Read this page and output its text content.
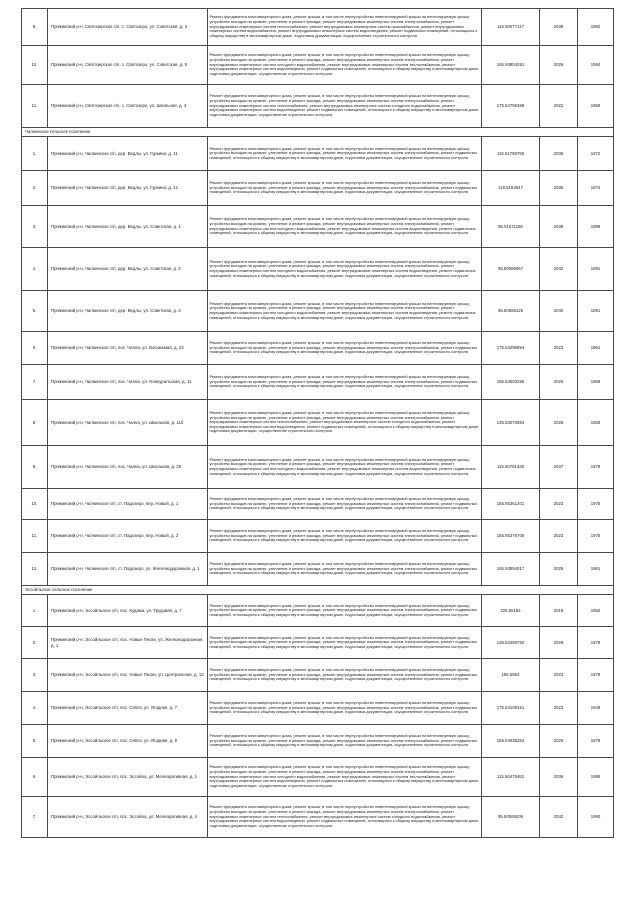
9.	Пряжинский р-н, Святозерское с/п, с. Святозеро, ул. Советская, д. 3	Ремонт фундамента многоквартирного дома, ремонт крыши, в том числе переустройство невентилируемой крыши на вентилируемую крышу, устройство выходов на кровлю, утепление и ремонт фасада, ремонт внутридомовых инженерных систем электроснабжения, ремонт внутридомовых инженерных систем теплоснабжения, ремонт внутридомовых инженерных систем газоснабжения, ремонт внутридомовых инженерных систем водоснабжения, ремонт внутридомовых инженерных систем водоотведения, ремонт подвальных помещений, относящихся к общему имуществу в многоквартирном доме, подготовка документации, осуществление строительного контроля	115.50077117	2039	1982
10.	Пряжинский р-н, Святозерское с/п, с. Святозеро, ул. Советская, д. 5	Ремонт фундамента многоквартирного дома, ремонт крыши, в том числе переустройство невентилируемой крыши на вентилируемую крышу, устройство выходов на кровлю, утепление и ремонт фасада, ремонт внутридомовых инженерных систем электроснабжения, ремонт внутридомовых инженерных систем холодного водоснабжения, ремонт внутридомовых инженерных систем теплоснабжения, ремонт внутридомовых инженерных систем водоотведения, ремонт подвальных помещений, относящихся к общему имуществу в многоквартирном доме, подготовка документации, осуществление строительного контроля	155.93804281	2026	1984
11.	Пряжинский р-н, Святозерское с/п, с. Святозеро, ул. Школьная, д. 4	Ремонт фундамента многоквартирного дома, ремонт крыши, в том числе переустройство невентилируемой крыши на вентилируемую крышу, устройство выходов на кровлю, утепление и ремонт фасада, ремонт внутридомовых инженерных систем электроснабжения, ремонт внутридомовых инженерных систем теплоснабжения, ремонт внутридомовых инженерных систем холодного водоснабжения, ремонт внутридомовых инженерных систем водоотведения, ремонт подвальных помещений, относящихся к общему имуществу в многоквартирном доме, подготовка документации, осуществление строительного контроля	175.54796369	2022	1959
Чалнинское сельское поселение					
1.	Пряжинский р-н, Чалнинское с/п, дер. Ведлы, ул. Гуркина, д. 11	Ремонт фундамента многоквартирного дома, ремонт крыши, в том числе переустройство невентилируемой крыши на вентилируемую крышу, устройство выходов на кровлю, утепление и ремонт фасада, ремонт внутридомовых инженерных систем электроснабжения, ремонт подвальных помещений, относящихся к общему имуществу в многоквартирном доме, подготовка документации, осуществление строительного контроля	115.51798768	2036	1972
2.	Пряжинский р-н, Чалнинское с/п, дер. Ведлы, ул. Гуркина, д. 12	Ремонт фундамента многоквартирного дома, ремонт крыши, в том числе переустройство невентилируемой крыши на вентилируемую крышу, устройство выходов на кровлю, утепление и ремонт фасада, ремонт внутридомовых инженерных систем электроснабжения, ремонт подвальных помещений, относящихся к общему имуществу в многоквартирном доме, подготовка документации, осуществление строительного контроля	118.6154647	2035	1974
3.	Пряжинский р-н, Чалнинское с/п, дер. Ведлы, ул. Советская, д. 1	Ремонт фундамента многоквартирного дома, ремонт крыши, в том числе переустройство невентилируемой крыши на вентилируемую крышу, устройство выходов на кровлю, утепление и ремонт фасада, ремонт внутридомовых инженерных систем электроснабжения, ремонт внутридомовых инженерных систем холодного водоснабжения, ремонт внутридомовых инженерных систем водоотведения, ремонт подвальных помещений, относящихся к общему имуществу в многоквартирном доме, подготовка документации, осуществление строительного контроля	95.51571186	2039	1989
4.	Пряжинский р-н, Чалнинское с/п, дер. Ведлы, ул. Советская, д. 2	Ремонт фундамента многоквартирного дома, ремонт крыши, в том числе переустройство невентилируемой крыши на вентилируемую крышу, устройство выходов на кровлю, утепление и ремонт фасада, ремонт внутридомовых инженерных систем электроснабжения, ремонт внутридомовых инженерных систем холодного водоснабжения, ремонт внутридомовых инженерных систем водоотведения, ремонт подвальных помещений, относящихся к общему имуществу в многоквартирном доме, подготовка документации, осуществление строительного контроля	95.50066067	2042	1991
5.	Пряжинский р-н, Чалнинское с/п, дер. Ведлы, ул. Советская, д. 3	Ремонт фундамента многоквартирного дома, ремонт крыши, в том числе переустройство невентилируемой крыши на вентилируемую крышу, устройство выходов на кровлю, утепление и ремонт фасада, ремонт внутридомовых инженерных систем электроснабжения, ремонт внутридомовых инженерных систем холодного водоснабжения, ремонт внутридомовых инженерных систем водоотведения, ремонт подвальных помещений, относящихся к общему имуществу в многоквартирном доме, подготовка документации, осуществление строительного контроля	95.50568125	2040	1991
6.	Пряжинский р-н, Чалнинское с/п, пос. Чална, ул. Восьмьмая, д. 23	Ремонт фундамента многоквартирного дома, ремонт крыши, в том числе переустройство невентилируемой крыши на вентилируемую крышу, устройство выходов на кровлю, утепление и ремонт фасада, ремонт внутридомовых инженерных систем электроснабжения, ремонт подвальных помещений, относящихся к общему имуществу в многоквартирном доме, подготовка документации, осуществление строительного контроля	175.54295894	2023	1961
7.	Пряжинский р-н, Чалнинское с/п, пос. Чална, ул. Новоуральская, д. 11	Ремонт фундамента многоквартирного дома, ремонт крыши, в том числе переустройство невентилируемой крыши на вентилируемую крышу, устройство выходов на кровлю, утепление и ремонт фасада, ремонт внутридомовых инженерных систем электроснабжения, ремонт подвальных помещений, относящихся к общему имуществу в многоквартирном доме, подготовка документации, осуществление строительного контроля	155.53503256	2026	1958
8.	Пряжинский р-н, Чалнинское с/п, пос. Чална, ул. Школьная, д. 11б	Ремонт фундамента многоквартирного дома, ремонт крыши, в том числе переустройство невентилируемой крыши на вентилируемую крышу, устройство выходов на кровлю, утепление и ремонт фасада, ремонт внутридомовых инженерных систем электроснабжения, ремонт внутридомовых инженерных систем теплоснабжения, ремонт внутридомовых инженерных систем холодного водоснабжения, ремонт внутридомовых инженерных систем водоотведения, ремонт подвальных помещений, относящихся к общему имуществу в многоквартирном доме, подготовка документации, осуществление строительного контроля	135.53070884	2028	1983
9.	Пряжинский р-н, Чалнинское с/п, пос. Чална, ул. Школьная, д. 25	Ремонт фундамента многоквартирного дома, ремонт крыши, в том числе переустройство невентилируемой крыши на вентилируемую крышу, устройство выходов на кровлю, утепление и ремонт фасада, ремонт внутридомовых инженерных систем электроснабжения, ремонт внутридомовых инженерных систем холодного водоснабжения, ремонт внутридомовых инженерных систем водоотведения, ремонт подвальных помещений, относящихся к общему имуществу в многоквартирном доме, подготовка документации, осуществление строительного контроля	115.50791335	2037	1978
10.	Пряжинский р-н, Чалнинское с/п, ст. Падозеро, пер. Новый, д. 1	Ремонт фундамента многоквартирного дома, ремонт крыши, в том числе переустройство невентилируемой крыши на вентилируемую крышу, устройство выходов на кровлю, утепление и ремонт фасада, ремонт внутридомовых инженерных систем электроснабжения, ремонт подвальных помещений, относящихся к общему имуществу в многоквартирном доме, подготовка документации, осуществление строительного контроля	155.55361201	2023	1975
11.	Пряжинский р-н, Чалнинское с/п, ст. Падозеро, пер. Новый, д. 2	Ремонт фундамента многоквартирного дома, ремонт крыши, в том числе переустройство невентилируемой крыши на вентилируемую крышу, устройство выходов на кровлю, утепление и ремонт фасада, ремонт внутридомовых инженерных систем электроснабжения, ремонт подвальных помещений, относящихся к общему имуществу в многоквартирном доме, подготовка документации, осуществление строительного контроля	155.55376706	2023	1975
12.	Пряжинский р-н, Чалнинское с/п, ст. Падозеро, ул. Железнодорожная, д. 1	Ремонт фундамента многоквартирного дома, ремонт крыши, в том числе переустройство невентилируемой крыши на вентилируемую крышу, устройство выходов на кровлю, утепление и ремонт фасада, ремонт внутридомовых инженерных систем электроснабжения, ремонт подвальных помещений, относящихся к общему имуществу в многоквартирном доме, подготовка документации, осуществление строительного контроля	155.53994017	2025	1961
Эссойльское сельское поселение					
1.	Пряжинский р-н, Эссойльское с/п, пос. Кудама, ул. Трудовая, д. 7	Ремонт фундамента многоквартирного дома, ремонт крыши, в том числе переустройство невентилируемой крыши на вентилируемую крышу, устройство выходов на кровлю, утепление и ремонт фасада, ремонт внутридомовых инженерных систем электроснабжения, ремонт подвальных помещений, относящихся к общему имуществу в многоквартирном доме, подготовка документации, осуществление строительного контроля	225.56184	2018	1952
2.	Пряжинский р-н, Эссойльское с/п, пос. Новые Пески, ул. Железнодорожная, д. 1	Ремонт фундамента многоквартирного дома, ремонт крыши, в том числе переустройство невентилируемой крыши на вентилируемую крышу, устройство выходов на кровлю, утепление и ремонт фасада, ремонт внутридомовых инженерных систем электроснабжения, ремонт подвальных помещений, относящихся к общему имуществу в многоквартирном доме, подготовка документации, осуществление строительного контроля	135.53493782	2029	1978
3.	Пряжинский р-н, Эссойльское с/п, пос. Новые Пески, ул. Центральная, д. 13	Ремонт фундамента многоквартирного дома, ремонт крыши, в том числе переустройство невентилируемой крыши на вентилируемую крышу, устройство выходов на кровлю, утепление и ремонт фасада, ремонт внутридомовых инженерных систем электроснабжения, ремонт подвальных помещений, относящихся к общему имуществу в многоквартирном доме, подготовка документации, осуществление строительного контроля	155.5554	2023	1978
4.	Пряжинский р-н, Эссойльское с/п, пос. Сяпся, ул. Ягодная, д. 7	Ремонт фундамента многоквартирного дома, ремонт крыши, в том числе переустройство невентилируемой крыши на вентилируемую крышу, устройство выходов на кровлю, утепление и ремонт фасада, ремонт внутридомовых инженерных систем электроснабжения, ремонт подвальных помещений, относящихся к общему имуществу в многоквартирном доме, подготовка документации, осуществление строительного контроля	175.54109151	2023	1949
5.	Пряжинский р-н, Эссойльское с/п, пос. Сяпся, ул. Ягодная, д. 9	Ремонт фундамента многоквартирного дома, ремонт крыши, в том числе переустройство невентилируемой крыши на вентилируемую крышу, устройство выходов на кровлю, утепление и ремонт фасада, ремонт внутридомовых инженерных систем электроснабжения, ремонт подвальных помещений, относящихся к общему имуществу в многоквартирном доме, подготовка документации, осуществление строительного контроля	155.54035264	2025	1978
6.	Пряжинский р-н, Эссойльское с/п, пос. Эссойла, ул. Мелиоративная, д. 1	Ремонт фундамента многоквартирного дома, ремонт крыши, в том числе переустройство невентилируемой крыши на вентилируемую крышу, устройство выходов на кровлю, утепление и ремонт фасада, ремонт внутридомовых инженерных систем электроснабжения, ремонт внутридомовых инженерных систем холодного водоснабжения, ремонт внутридомовых инженерных систем теплоснабжения, ремонт внутридомовых инженерных систем водоотведения, ремонт подвальных помещений, относящихся к общему имуществу в многоквартирном доме, подготовка документации, осуществление строительного контроля	115.50475463	2036	1985
7.	Пряжинский р-н, Эссойльское с/п, пос. Эссойла, ул. Мелиоративная, д. 4	Ремонт фундамента многоквартирного дома, ремонт крыши, в том числе переустройство невентилируемой крыши на вентилируемую крышу, устройство выходов на кровлю, утепление и ремонт фасада, ремонт внутридомовых инженерных систем электроснабжения, ремонт внутридомовых инженерных систем теплоснабжения, ремонт внутридомовых инженерных систем холодного водоснабжения, ремонт внутридомовых инженерных систем водоотведения, ремонт подвальных помещений, относящихся к общему имуществу в многоквартирном доме, подготовка документации, осуществление строительного контроля	95.50069209	2042	1990
